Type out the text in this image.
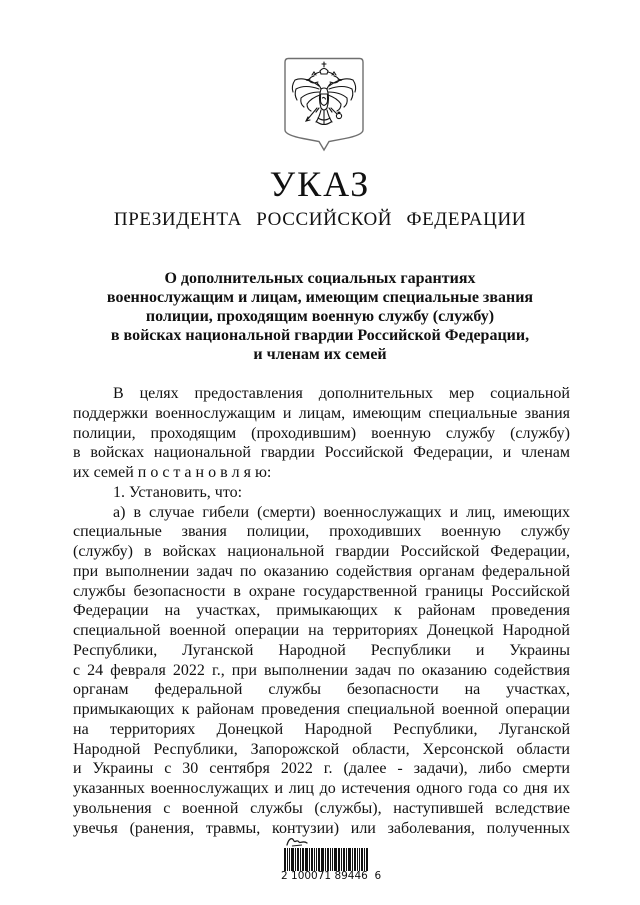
УКАЗ
ПРЕЗИДЕНТА РОССИЙСКОЙ ФЕДЕРАЦИИ
О дополнительных социальных гарантиях
военнослужащим и лицам, имеющим специальные звания
полиции, проходящим военную службу (службу)
в войсках национальной гвардии Российской Федерации,
и членам их семей
В целях предоставления дополнительных мер социальной
поддержки военнослужащим и лицам, имеющим специальные звания
полиции, проходящим (проходившим) военную службу (службу)
в войсках национальной гвардии Российской Федерации, и членам
их семей п о с т а н о в л я ю:
1. Установить, что:
а) в случае гибели (смерти) военнослужащих и лиц, имеющих
специальные звания полиции, проходивших военную службу
(службу) в войсках национальной гвардии Российской Федерации,
при выполнении задач по оказанию содействия органам федеральной
службы безопасности в охране государственной границы Российской
Федерации на участках, примыкающих к районам проведения
специальной военной операции на территориях Донецкой Народной
Республики, Луганской Народной Республики и Украины
с 24 февраля 2022 г., при выполнении задач по оказанию содействия
органам федеральной службы безопасности на участках,
примыкающих к районам проведения специальной военной операции
на территориях Донецкой Народной Республики, Луганской
Народной Республики, Запорожской области, Херсонской области
и Украины с 30 сентября 2022 г. (далее - задачи), либо смерти
указанных военнослужащих и лиц до истечения одного года со дня их
увольнения с военной службы (службы), наступившей вследствие
увечья (ранения, травмы, контузии) или заболевания, полученных
2 100071 89446  6
